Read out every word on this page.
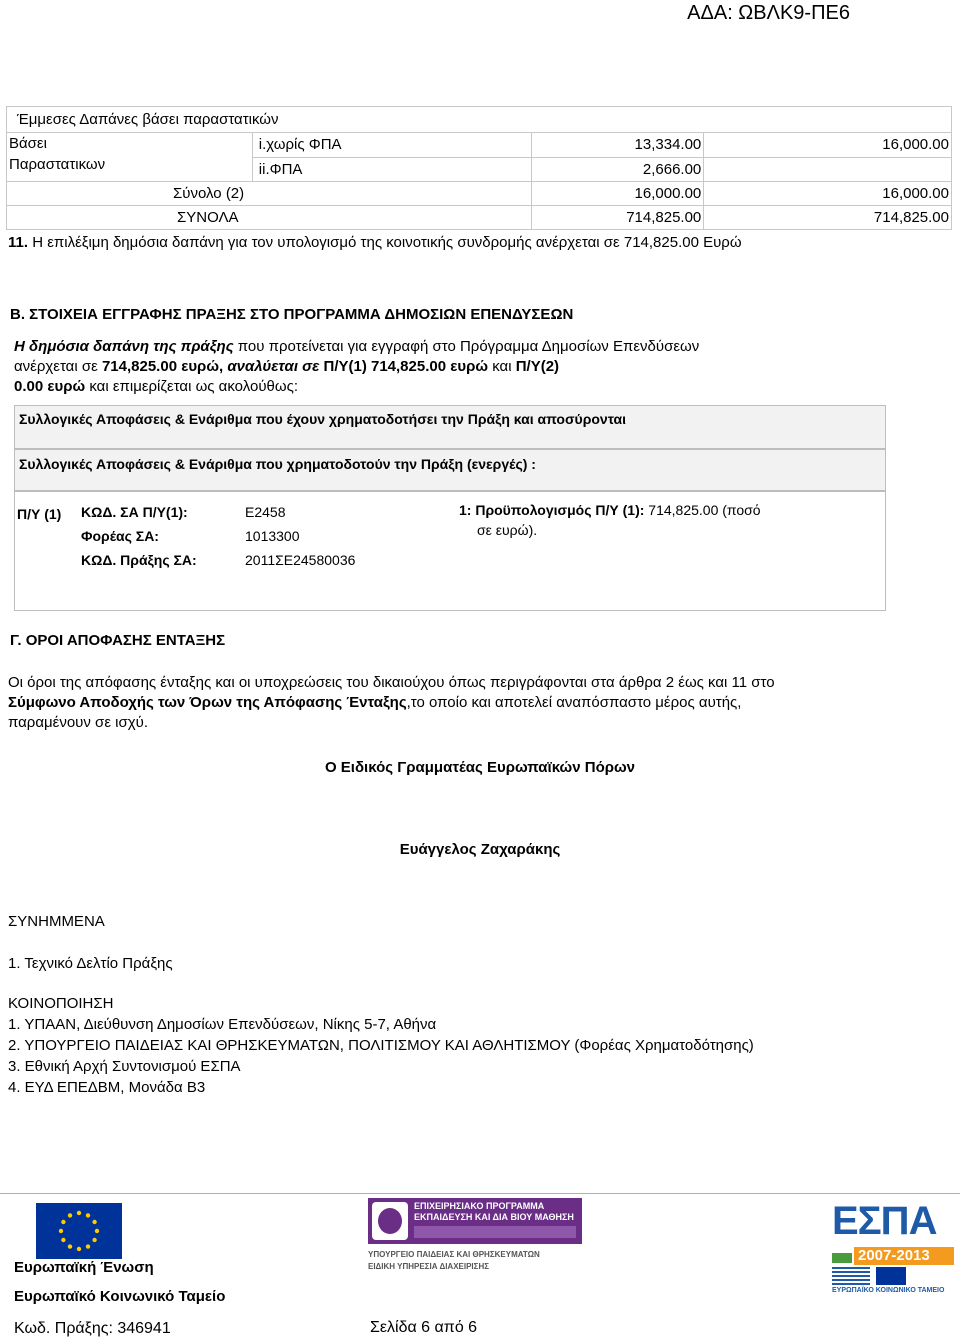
ΑΔΑ: ΩΒΛΚ9-ΠΕ6
Έμμεσες Δαπάνες βάσει παραστατικών			
Βάσει
Παραστατικων	i.χωρίς ΦΠΑ	13,334.00	16,000.00
	ii.ΦΠΑ	2,666.00	
Σύνολο (2)		16,000.00	16,000.00
ΣΥΝΟΛΑ		714,825.00	714,825.00
11. Η επιλέξιμη δημόσια δαπάνη για τον υπολογισμό της κοινοτικής συνδρομής ανέρχεται σε 714,825.00 Ευρώ
Β. ΣΤΟΙΧΕΙΑ ΕΓΓΡΑΦΗΣ ΠΡΑΞΗΣ ΣΤΟ ΠΡΟΓΡΑΜΜΑ ΔΗΜΟΣΙΩΝ ΕΠΕΝΔΥΣΕΩΝ
Η δημόσια δαπάνη της πράξης που προτείνεται για εγγραφή στο Πρόγραμμα Δημοσίων Επενδύσεων
ανέρχεται σε 714,825.00 ευρώ, αναλύεται σε Π/Υ(1) 714,825.00 ευρώ και Π/Υ(2)
0.00 ευρώ και επιμερίζεται ως ακολούθως:
Συλλογικές Αποφάσεις & Ενάριθμα που έχουν χρηματοδοτήσει την Πράξη και αποσύρονται
Συλλογικές Αποφάσεις & Ενάριθμα που χρηματοδοτούν την Πράξη (ενεργές) :
Π/Υ (1) ΚΩΔ. ΣΑ Π/Υ(1):	Ε2458
Φορέας ΣΑ:	1013300
ΚΩΔ. Πράξης ΣΑ:	2011ΣΕ24580036
1: Προϋπολογισμός Π/Υ (1): 714,825.00 (ποσό
σε ευρώ).
Γ. ΟΡΟΙ ΑΠΟΦΑΣΗΣ ΕΝΤΑΞΗΣ
Οι όροι της απόφασης ένταξης και οι υποχρεώσεις του δικαιούχου όπως περιγράφονται στα άρθρα 2 έως και 11 στο
Σύμφωνο Αποδοχής των Όρων της Απόφασης Ένταξης,το οποίο και αποτελεί αναπόσπαστο μέρος αυτής,
παραμένουν σε ισχύ.
Ο Ειδικός Γραμματέας Ευρωπαϊκών Πόρων
Ευάγγελος Ζαχαράκης
ΣΥΝΗΜΜΕΝΑ
1. Τεχνικό Δελτίο Πράξης
ΚΟΙΝΟΠΟΙΗΣΗ
1. ΥΠΑΑΝ, Διεύθυνση Δημοσίων Επενδύσεων, Νίκης 5-7, Αθήνα
2. ΥΠΟΥΡΓΕΙΟ ΠΑΙΔΕΙΑΣ ΚΑΙ ΘΡΗΣΚΕΥΜΑΤΩΝ, ΠΟΛΙΤΙΣΜΟΥ ΚΑΙ ΑΘΛΗΤΙΣΜΟΥ (Φορέας Χρηματοδότησης)
3. Εθνική Αρχή Συντονισμού ΕΣΠΑ
4. ΕΥΔ ΕΠΕΔΒΜ, Μονάδα Β3
ΕΠΙΧΕΙΡΗΣΙΑΚΟ ΠΡΟΓΡΑΜΜΑ
ΕΚΠΑΙΔΕΥΣΗ ΚΑΙ ΔΙΑ ΒΙΟΥ ΜΑΘΗΣΗ
ΥΠΟΥΡΓΕΙΟ ΠΑΙΔΕΙΑΣ ΚΑΙ ΘΡΗΣΚΕΥΜΑΤΩΝ
ΕΙΔΙΚΗ ΥΠΗΡΕΣΙΑ ΔΙΑΧΕΙΡΙΣΗΣ
ΕΣΠΑ
2007-2013
ΕΥΡΩΠΑΪΚΟ ΚΟΙΝΩΝΙΚΟ ΤΑΜΕΙΟ
Ευρωπαϊκή Ένωση
Ευρωπαϊκό Κοινωνικό Ταμείο
Κωδ. Πράξης: 346941	Σελίδα 6 από 6
